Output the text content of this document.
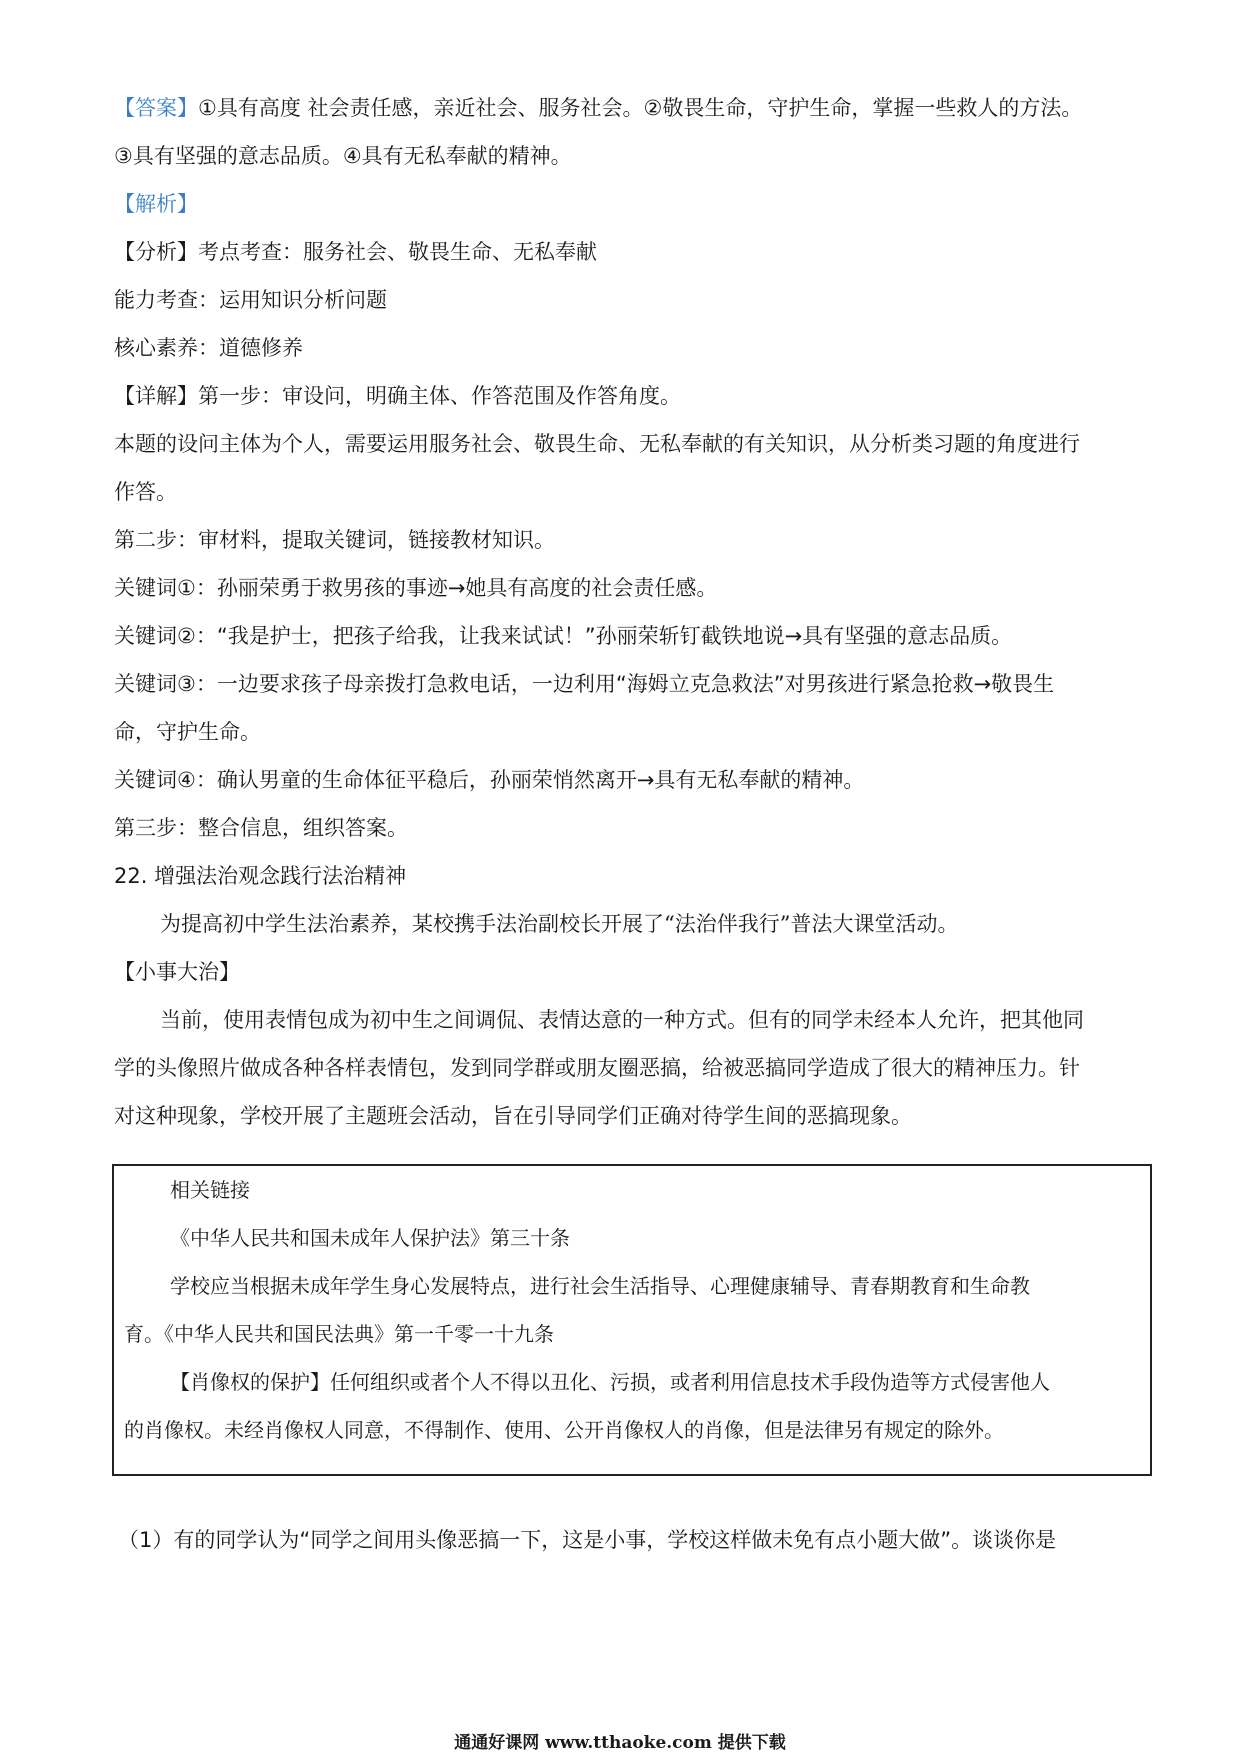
【答案】①具有高度 社会责任感，亲近社会、服务社会。②敬畏生命，守护生命，掌握一些救人的方法。
③具有坚强的意志品质。④具有无私奉献的精神。
【解析】
【分析】考点考查：服务社会、敬畏生命、无私奉献
能力考查：运用知识分析问题
核心素养：道德修养
【详解】第一步：审设问，明确主体、作答范围及作答角度。
本题的设问主体为个人，需要运用服务社会、敬畏生命、无私奉献的有关知识，从分析类习题的角度进行
作答。
第二步：审材料，提取关键词，链接教材知识。
关键词①：孙丽荣勇于救男孩的事迹→她具有高度的社会责任感。
关键词②：“我是护士，把孩子给我，让我来试试！”孙丽荣斩钉截铁地说→具有坚强的意志品质。
关键词③：一边要求孩子母亲拨打急救电话，一边利用“海姆立克急救法”对男孩进行紧急抢救→敬畏生
命，守护生命。
关键词④：确认男童的生命体征平稳后，孙丽荣悄然离开→具有无私奉献的精神。
第三步：整合信息，组织答案。
22. 增强法治观念践行法治精神
为提高初中学生法治素养，某校携手法治副校长开展了“法治伴我行”普法大课堂活动。
【小事大治】
当前，使用表情包成为初中生之间调侃、表情达意的一种方式。但有的同学未经本人允许，把其他同
学的头像照片做成各种各样表情包，发到同学群或朋友圈恶搞，给被恶搞同学造成了很大的精神压力。针
对这种现象，学校开展了主题班会活动，旨在引导同学们正确对待学生间的恶搞现象。
相关链接
《中华人民共和国未成年人保护法》第三十条
学校应当根据未成年学生身心发展特点，进行社会生活指导、心理健康辅导、青春期教育和生命教
育。《中华人民共和国民法典》第一千零一十九条
【肖像权的保护】任何组织或者个人不得以丑化、污损，或者利用信息技术手段伪造等方式侵害他人
的肖像权。未经肖像权人同意，不得制作、使用、公开肖像权人的肖像，但是法律另有规定的除外。
（1）有的同学认为“同学之间用头像恶搞一下，这是小事，学校这样做未免有点小题大做”。谈谈你是
通通好课网 www.tthaoke.com 提供下载
